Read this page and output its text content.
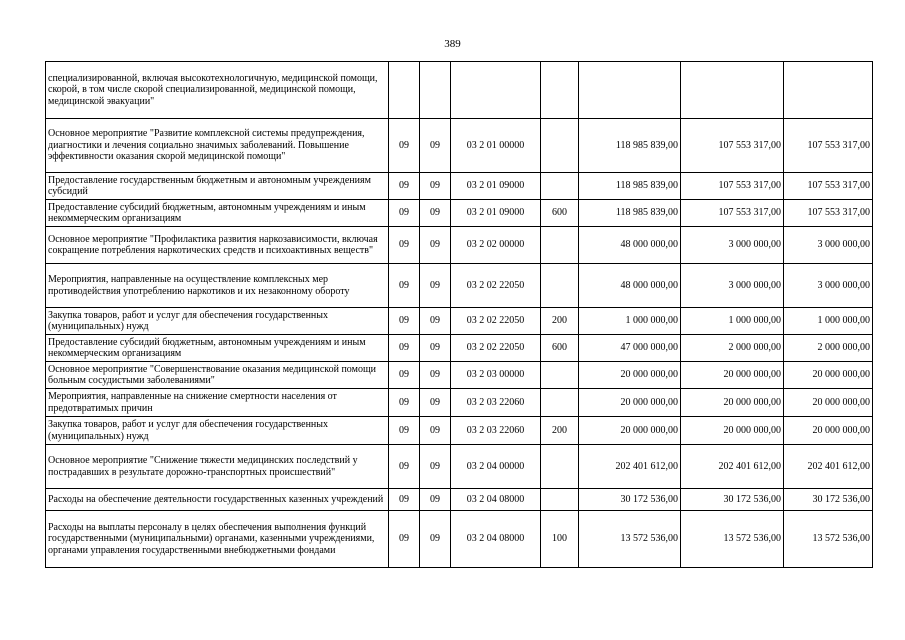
389
специализированной, включая высокотехнологичную, медицинской помощи, скорой, в том числе скорой специализированной, медицинской помощи, медицинской эвакуации"							
Основное мероприятие "Развитие комплексной системы предупреждения, диагностики и лечения социально значимых заболеваний. Повышение эффективности оказания скорой медицинской помощи"	09	09	03 2 01 00000		118 985 839,00	107 553 317,00	107 553 317,00
Предоставление государственным бюджетным и автономным учреждениям субсидий	09	09	03 2 01 09000		118 985 839,00	107 553 317,00	107 553 317,00
Предоставление субсидий бюджетным, автономным учреждениям и иным некоммерческим организациям	09	09	03 2 01 09000	600	118 985 839,00	107 553 317,00	107 553 317,00
Основное мероприятие "Профилактика развития наркозависимости, включая сокращение потребления наркотических средств и психоактивных веществ"	09	09	03 2 02 00000		48 000 000,00	3 000 000,00	3 000 000,00
Мероприятия, направленные на осуществление комплексных мер противодействия употреблению наркотиков и их незаконному обороту	09	09	03 2 02 22050		48 000 000,00	3 000 000,00	3 000 000,00
Закупка товаров, работ и услуг для обеспечения государственных (муниципальных) нужд	09	09	03 2 02 22050	200	1 000 000,00	1 000 000,00	1 000 000,00
Предоставление субсидий бюджетным, автономным учреждениям и иным некоммерческим организациям	09	09	03 2 02 22050	600	47 000 000,00	2 000 000,00	2 000 000,00
Основное мероприятие "Совершенствование оказания медицинской помощи больным сосудистыми заболеваниями"	09	09	03 2 03 00000		20 000 000,00	20 000 000,00	20 000 000,00
Мероприятия, направленные на снижение смертности населения от предотвратимых причин	09	09	03 2 03 22060		20 000 000,00	20 000 000,00	20 000 000,00
Закупка товаров, работ и услуг для обеспечения государственных (муниципальных) нужд	09	09	03 2 03 22060	200	20 000 000,00	20 000 000,00	20 000 000,00
Основное мероприятие "Снижение тяжести медицинских последствий у пострадавших в результате дорожно-транспортных происшествий"	09	09	03 2 04 00000		202 401 612,00	202 401 612,00	202 401 612,00
Расходы на обеспечение деятельности государственных казенных учреждений	09	09	03 2 04 08000		30 172 536,00	30 172 536,00	30 172 536,00
Расходы на выплаты персоналу в целях обеспечения выполнения функций государственными (муниципальными) органами, казенными учреждениями, органами управления государственными внебюджетными фондами	09	09	03 2 04 08000	100	13 572 536,00	13 572 536,00	13 572 536,00
